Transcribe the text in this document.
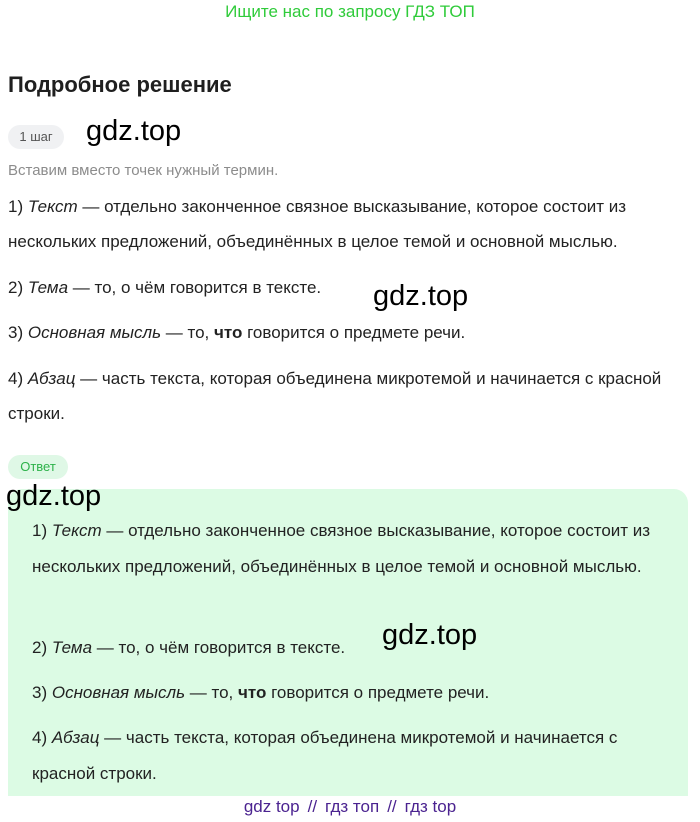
Ищите нас по запросу ГДЗ ТОП
Подробное решение
1 шаг	gdz.top
Вставим вместо точек нужный термин.
1) Текст — отдельно законченное связное высказывание, которое состоит из нескольких предложений, объединённых в целое темой и основной мыслью.
2) Тема — то, о чём говорится в тексте.	gdz.top
3) Основная мысль — то, что говорится о предмете речи.
4) Абзац — часть текста, которая объединена микротемой и начинается с красной строки.
Ответ
gdz.top
1) Текст — отдельно законченное связное высказывание, которое состоит из нескольких предложений, объединённых в целое темой и основной мыслью.
2) Тема — то, о чём говорится в тексте.	gdz.top
3) Основная мысль — то, что говорится о предмете речи.
4) Абзац — часть текста, которая объединена микротемой и начинается с красной строки.
gdz top // гдз топ // гдз top
